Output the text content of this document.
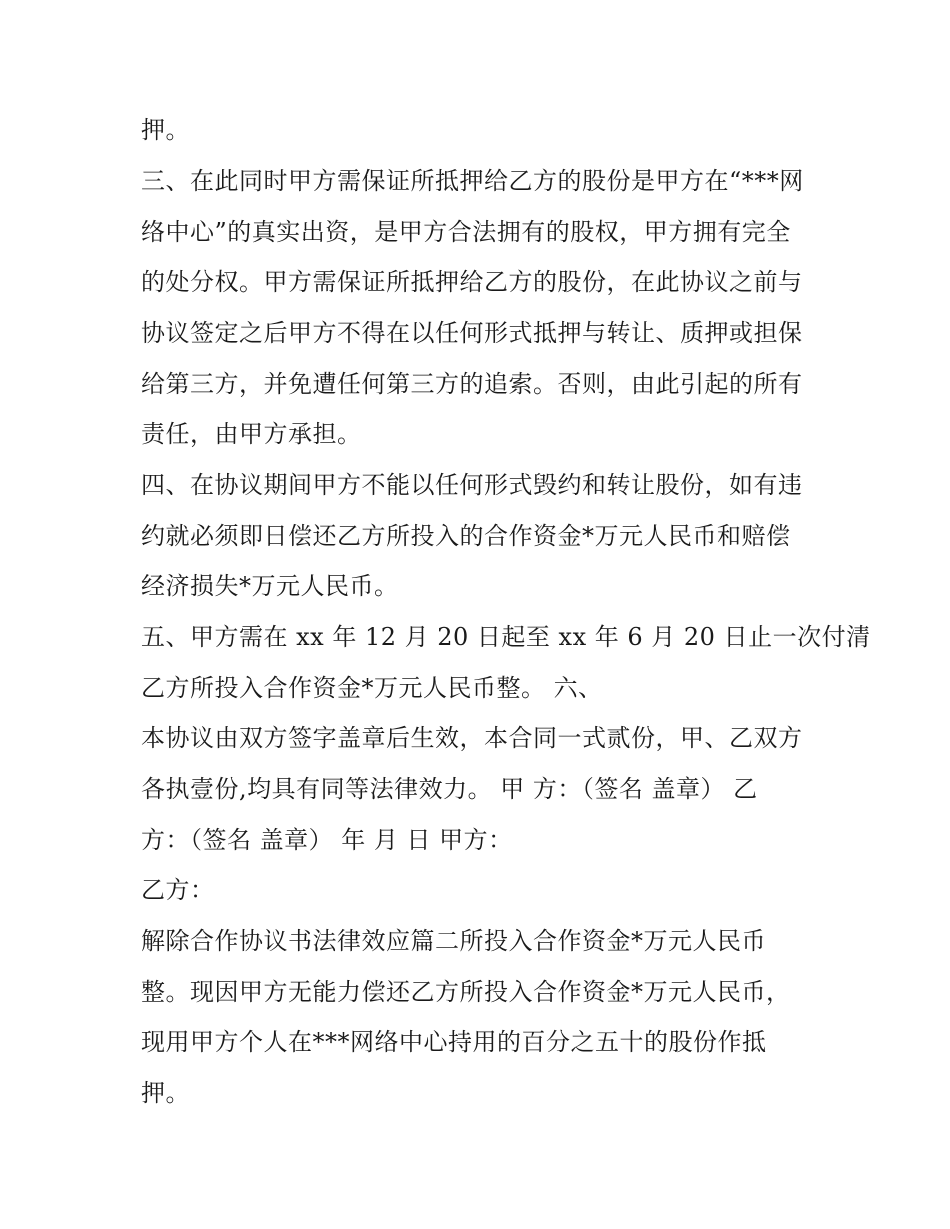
押。
三、在此同时甲方需保证所抵押给乙方的股份是甲方在“***网
络中心”的真实出资，是甲方合法拥有的股权，甲方拥有完全
的处分权。甲方需保证所抵押给乙方的股份，在此协议之前与
协议签定之后甲方不得在以任何形式抵押与转让、质押或担保
给第三方，并免遭任何第三方的追索。否则，由此引起的所有
责任，由甲方承担。
四、在协议期间甲方不能以任何形式毁约和转让股份，如有违
约就必须即日偿还乙方所投入的合作资金*万元人民币和赔偿
经济损失*万元人民币。
五、甲方需在 xx 年 12 月 20 日起至 xx 年 6 月 20 日止一次付清
乙方所投入合作资金*万元人民币整。 六、
本协议由双方签字盖章后生效，本合同一式贰份，甲、乙双方
各执壹份,均具有同等法律效力。 甲 方：（签名 盖章） 乙
方：（签名 盖章） 年 月 日 甲方：
乙方：
解除合作协议书法律效应篇二所投入合作资金*万元人民币
整。现因甲方无能力偿还乙方所投入合作资金*万元人民币，
现用甲方个人在***网络中心持用的百分之五十的股份作抵
押。
